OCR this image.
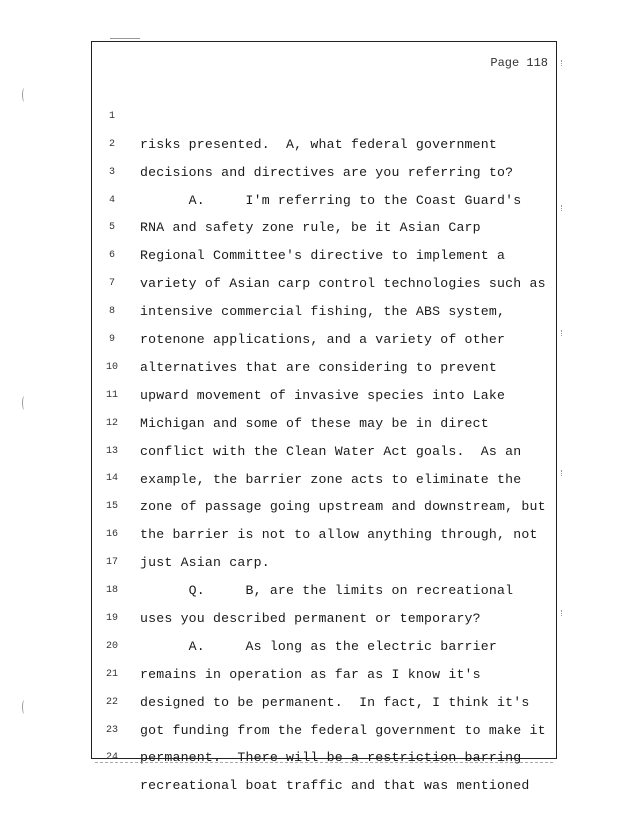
Page 118

1

risks presented.  A, what federal government

2

decisions and directives are you referring to?

3

A.     I'm referring to the Coast Guard's

4

RNA and safety zone rule, be it Asian Carp

5

Regional Committee's directive to implement a

6

variety of Asian carp control technologies such as

7

intensive commercial fishing, the ABS system,

8

rotenone applications, and a variety of other

9

alternatives that are considering to prevent

10

upward movement of invasive species into Lake

11

Michigan and some of these may be in direct

12

conflict with the Clean Water Act goals.  As an

13

example, the barrier zone acts to eliminate the

14

zone of passage going upstream and downstream, but

15

the barrier is not to allow anything through, not

16

just Asian carp.

17

Q.     B, are the limits on recreational

18

uses you described permanent or temporary?

19

A.     As long as the electric barrier

20

remains in operation as far as I know it's

21

designed to be permanent.  In fact, I think it's

22

got funding from the federal government to make it

23

permanent.  There will be a restriction barring

24

recreational boat traffic and that was mentioned
